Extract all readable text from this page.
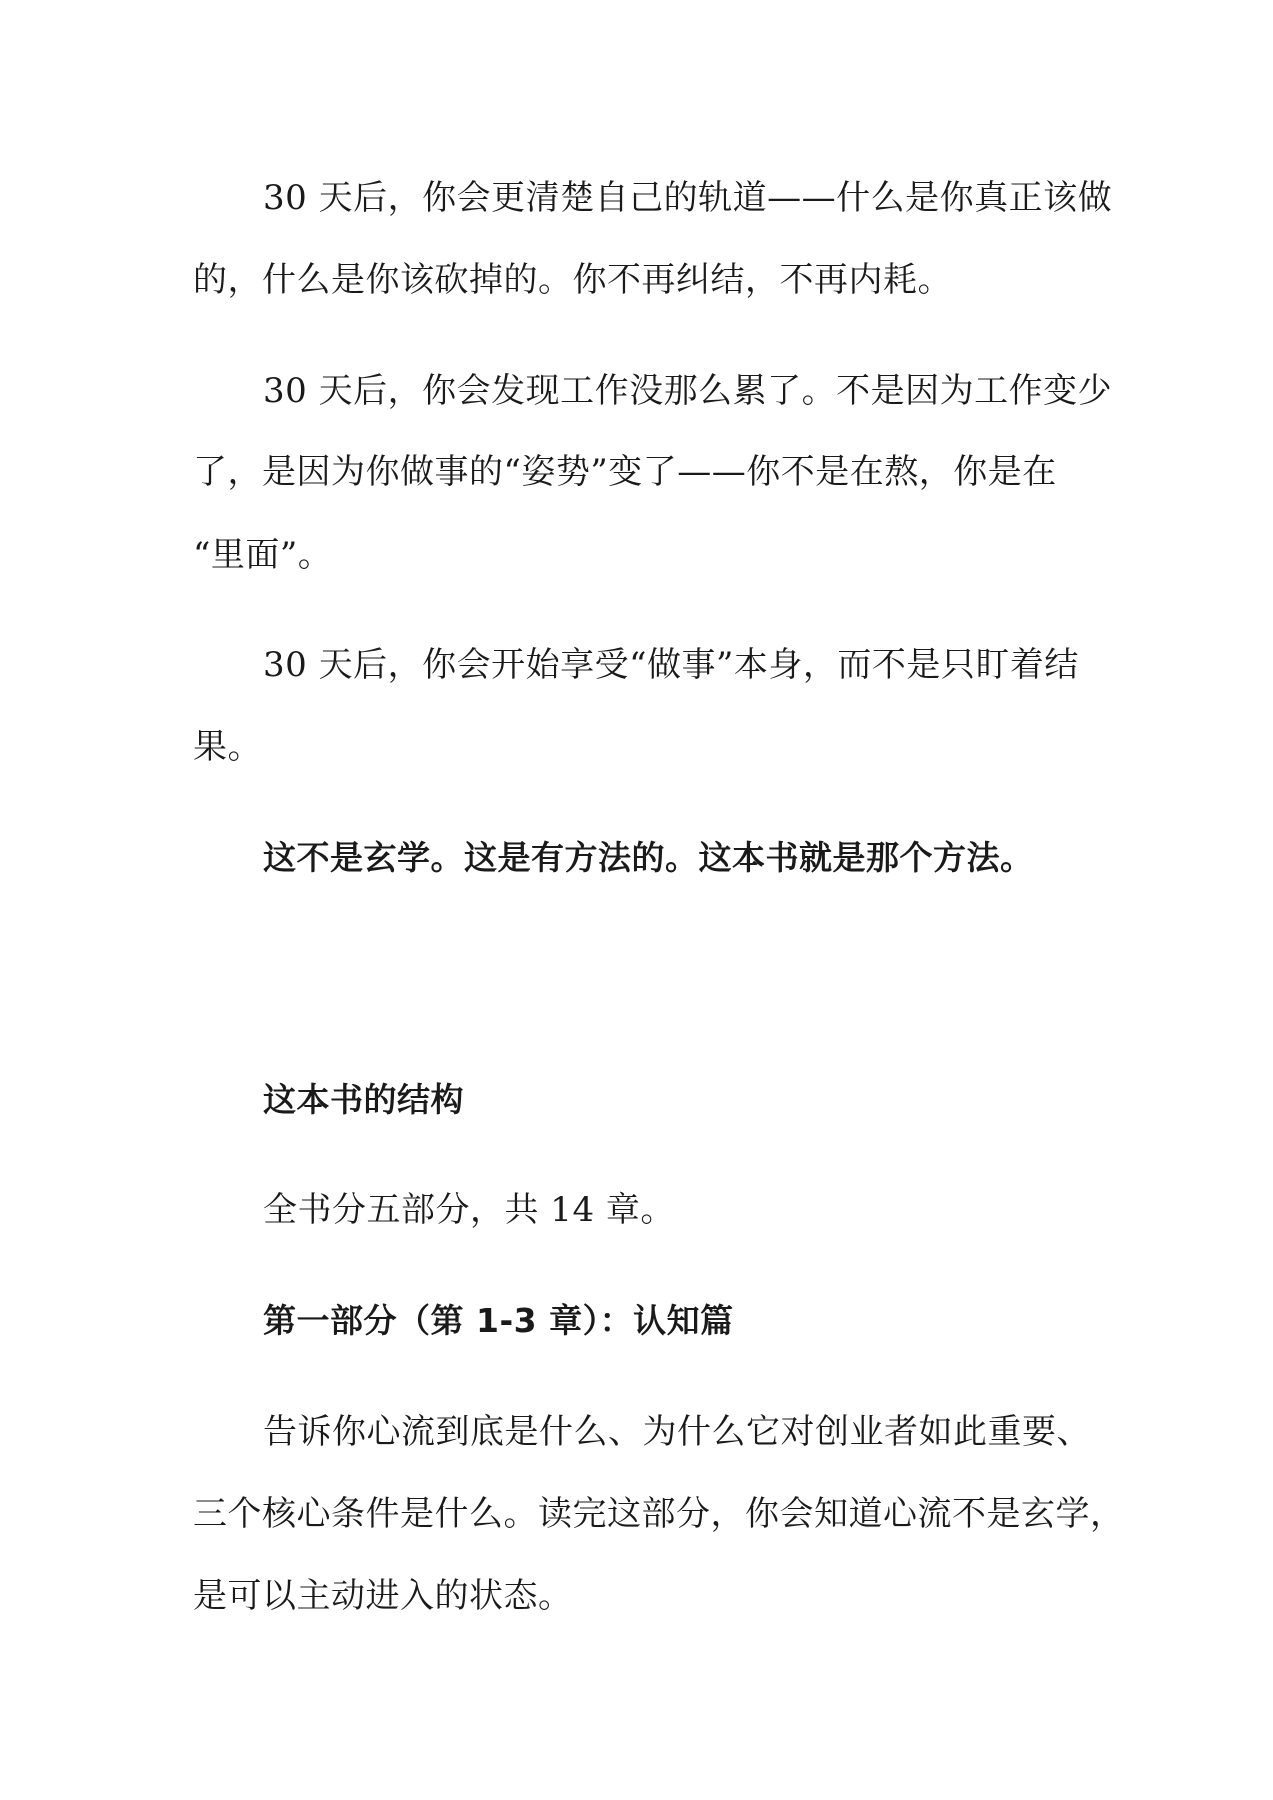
30 天后，你会更清楚自己的轨道——什么是你真正该做

的，什么是你该砍掉的。你不再纠结，不再内耗。

30 天后，你会发现工作没那么累了。不是因为工作变少

了，是因为你做事的“姿势”变了——你不是在熬，你是在

“里面”。

30 天后，你会开始享受“做事”本身，而不是只盯着结

果。

这不是玄学。这是有方法的。这本书就是那个方法。

这本书的结构

全书分五部分，共 14 章。

第一部分（第 1-3 章）：认知篇

告诉你心流到底是什么、为什么它对创业者如此重要、

三个核心条件是什么。读完这部分，你会知道心流不是玄学，

是可以主动进入的状态。
